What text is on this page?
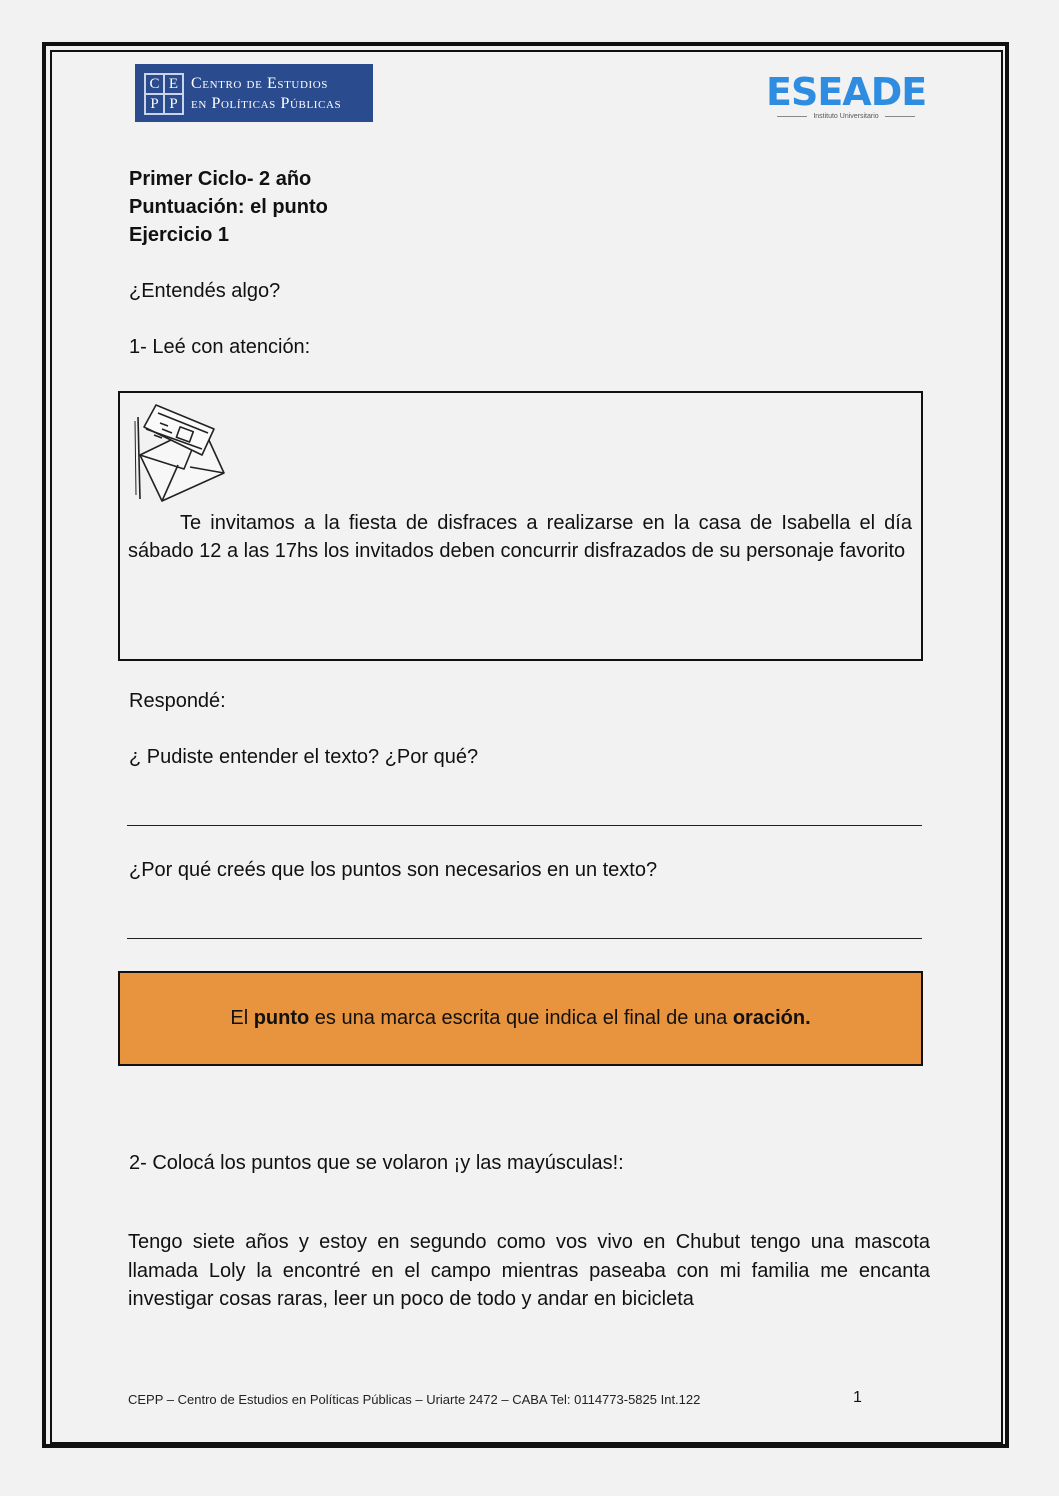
C E
P P
Centro de Estudios
en Políticas Públicas	ESEADE
Instituto Universitario
Primer Ciclo- 2 año
Puntuación: el punto
Ejercicio 1
¿Entendés algo?
1- Leé con atención:
Te invitamos a la fiesta de disfraces a realizarse en la casa de Isabella el día sábado 12 a las 17hs los invitados deben concurrir disfrazados de su personaje favorito
Respondé:
¿ Pudiste entender el texto? ¿Por qué?
¿Por qué creés que los puntos son necesarios en un texto?
El punto es una marca escrita que indica el final de una oración.
2- Colocá los puntos que se volaron ¡y las mayúsculas!:
Tengo siete años y estoy en segundo como vos vivo en Chubut tengo una mascota llamada Loly la encontré en el campo mientras paseaba con mi familia me encanta investigar cosas raras, leer un poco de todo y andar en bicicleta
CEPP – Centro de Estudios en Políticas Públicas – Uriarte 2472 – CABA Tel: 0114773-5825 Int.122	1
